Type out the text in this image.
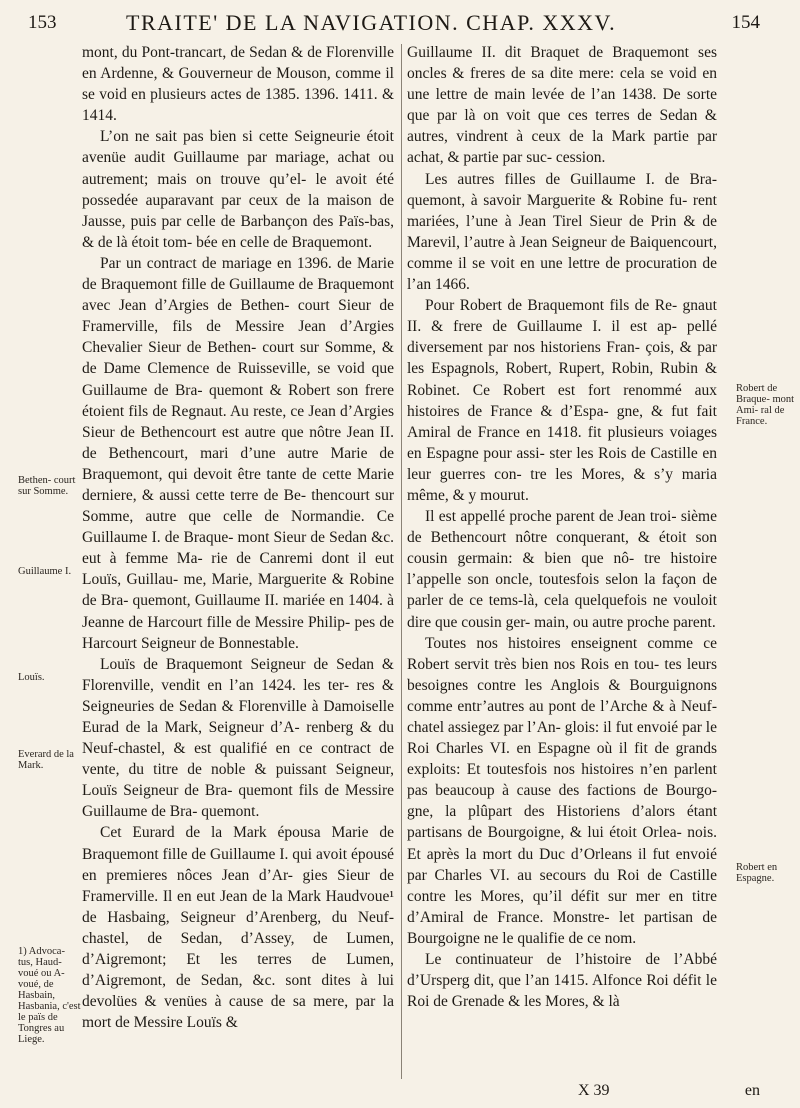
153	TRAITE' DE LA NAVIGATION. CHAP. XXXV.	154

mont, du Pont-trancart, de Sedan & de Florenville en Ardenne, & Gouverneur de Mouson, comme il se void en plusieurs actes de 1385. 1396. 1411. & 1414.

L’on ne sait pas bien si cette Seigneurie étoit avenüe audit Guillaume par mariage, achat ou autrement; mais on trouve qu’el- le avoit été possedée auparavant par ceux de la maison de Jausse, puis par celle de Barbançon des Païs-bas, & de là étoit tom- bée en celle de Braquemont.

Par un contract de mariage en 1396. de Marie de Braquemont fille de Guillaume de Braquemont avec Jean d’Argies de Bethen- court Sieur de Framerville, fils de Messire Jean d’Argies Chevalier Sieur de Bethen- court sur Somme, & de Dame Clemence de Ruisseville, se void que Guillaume de Bra- quemont & Robert son frere étoient fils de Regnaut. Au reste, ce Jean d’Argies Sieur de Bethencourt est autre que nôtre Jean II. de Bethencourt, mari d’une autre Marie de Braquemont, qui devoit être tante de cette Marie derniere, & aussi cette terre de Be- thencourt sur Somme, autre que celle de Normandie. Ce Guillaume I. de Braque- mont Sieur de Sedan &c. eut à femme Ma- rie de Canremi dont il eut Louïs, Guillau- me, Marie, Marguerite & Robine de Bra- quemont, Guillaume II. mariée en 1404. à Jeanne de Harcourt fille de Messire Philip- pes de Harcourt Seigneur de Bonnestable.

Louïs de Braquemont Seigneur de Sedan & Florenville, vendit en l’an 1424. les ter- res & Seigneuries de Sedan & Florenville à Damoiselle Eurad de la Mark, Seigneur d’A- renberg & du Neuf-chastel, & est qualifié en ce contract de vente, du titre de noble & puissant Seigneur, Louïs Seigneur de Bra- quemont fils de Messire Guillaume de Bra- quemont.

Cet Eurard de la Mark épousa Marie de Braquemont fille de Guillaume I. qui avoit épousé en premieres nôces Jean d’Ar- gies Sieur de Framerville. Il en eut Jean de la Mark Haudvoue¹ de Hasbaing, Seigneur d’Arenberg, du Neuf-chastel, de Sedan, d’Assey, de Lumen, d’Aigremont; Et les terres de Lumen, d’Aigremont, de Sedan, &c. sont dites à lui devolües & venües à cause de sa mere, par la mort de Messire Louïs &

Guillaume II. dit Braquet de Braquemont ses oncles & freres de sa dite mere: cela se void en une lettre de main levée de l’an 1438. De sorte que par là on voit que ces terres de Sedan & autres, vindrent à ceux de la Mark partie par achat, & partie par suc- cession.

Les autres filles de Guillaume I. de Bra- quemont, à savoir Marguerite & Robine fu- rent mariées, l’une à Jean Tirel Sieur de Prin & de Marevil, l’autre à Jean Seigneur de Baiquencourt, comme il se voit en une lettre de procuration de l’an 1466.

Pour Robert de Braquemont fils de Re- gnaut II. & frere de Guillaume I. il est ap- pellé diversement par nos historiens Fran- çois, & par les Espagnols, Robert, Rupert, Robin, Rubin & Robinet. Ce Robert est fort renommé aux histoires de France & d’Espa- gne, & fut fait Amiral de France en 1418. fit plusieurs voiages en Espagne pour assi- ster les Rois de Castille en leur guerres con- tre les Mores, & s’y maria même, & y mourut.

Il est appellé proche parent de Jean troi- sième de Bethencourt nôtre conquerant, & étoit son cousin germain: & bien que nô- tre histoire l’appelle son oncle, toutesfois selon la façon de parler de ce tems-là, cela quelquefois ne vouloit dire que cousin ger- main, ou autre proche parent.

Toutes nos histoires enseignent comme ce Robert servit très bien nos Rois en tou- tes leurs besoignes contre les Anglois & Bourguignons comme entr’autres au pont de l’Arche & à Neuf-chatel assiegez par l’An- glois: il fut envoié par le Roi Charles VI. en Espagne où il fit de grands exploits: Et toutesfois nos histoires n’en parlent pas beaucoup à cause des factions de Bourgo- gne, la plûpart des Historiens d’alors étant partisans de Bourgoigne, & lui étoit Orlea- nois. Et après la mort du Duc d’Orleans il fut envoié par Charles VI. au secours du Roi de Castille contre les Mores, qu’il défit sur mer en titre d’Amiral de France. Monstre- let partisan de Bourgoigne ne le qualifie de ce nom.

Le continuateur de l’histoire de l’Abbé d’Ursperg dit, que l’an 1415. Alfonce Roi défit le Roi de Grenade & les Mores, & là

Robert de Braque- mont Ami- ral de France.
Robert en Espagne.
Bethen- court sur Somme.
Guillaume I.
Louïs.
Everard de la Mark.
1) Advoca- tus, Haud- voué ou A- voué, de Hasbain, Hasbania, c'est le païs de Tongres au Liege.
X 39	en
